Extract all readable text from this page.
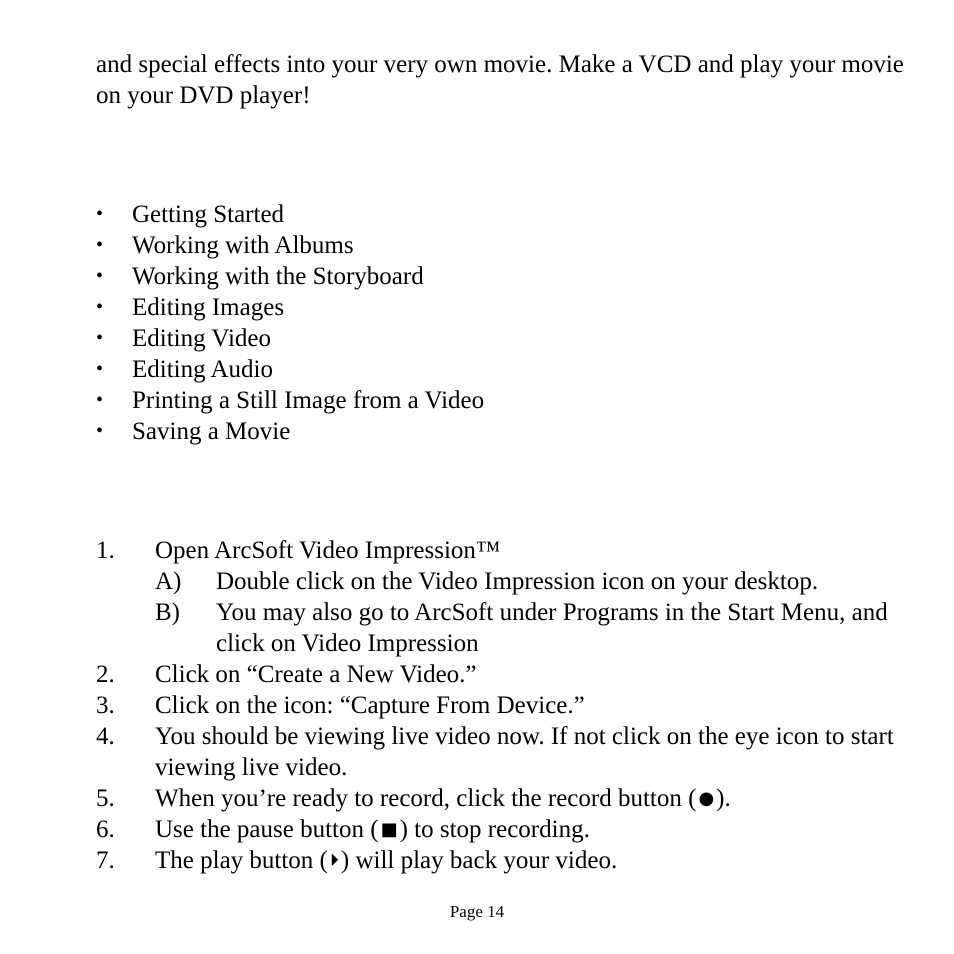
and special effects into your very own movie. Make a VCD and play your movie on your DVD player!

• Getting Started
• Working with Albums
• Working with the Storyboard
• Editing Images
• Editing Video
• Editing Audio
• Printing a Still Image from a Video
• Saving a Movie
1. Open ArcSoft Video Impression™
A) Double click on the Video Impression icon on your desktop.
B) You may also go to ArcSoft under Programs in the Start Menu, and click on Video Impression
2. Click on “Create a New Video.”
3. Click on the icon: “Capture From Device.”
4. You should be viewing live video now. If not click on the eye icon to start viewing live video.
5. When you’re ready to record, click the record button ( ●).
6. Use the pause button ( ■) to stop recording.
7. The play button ( ⏵) will play back your video.
Page 14
